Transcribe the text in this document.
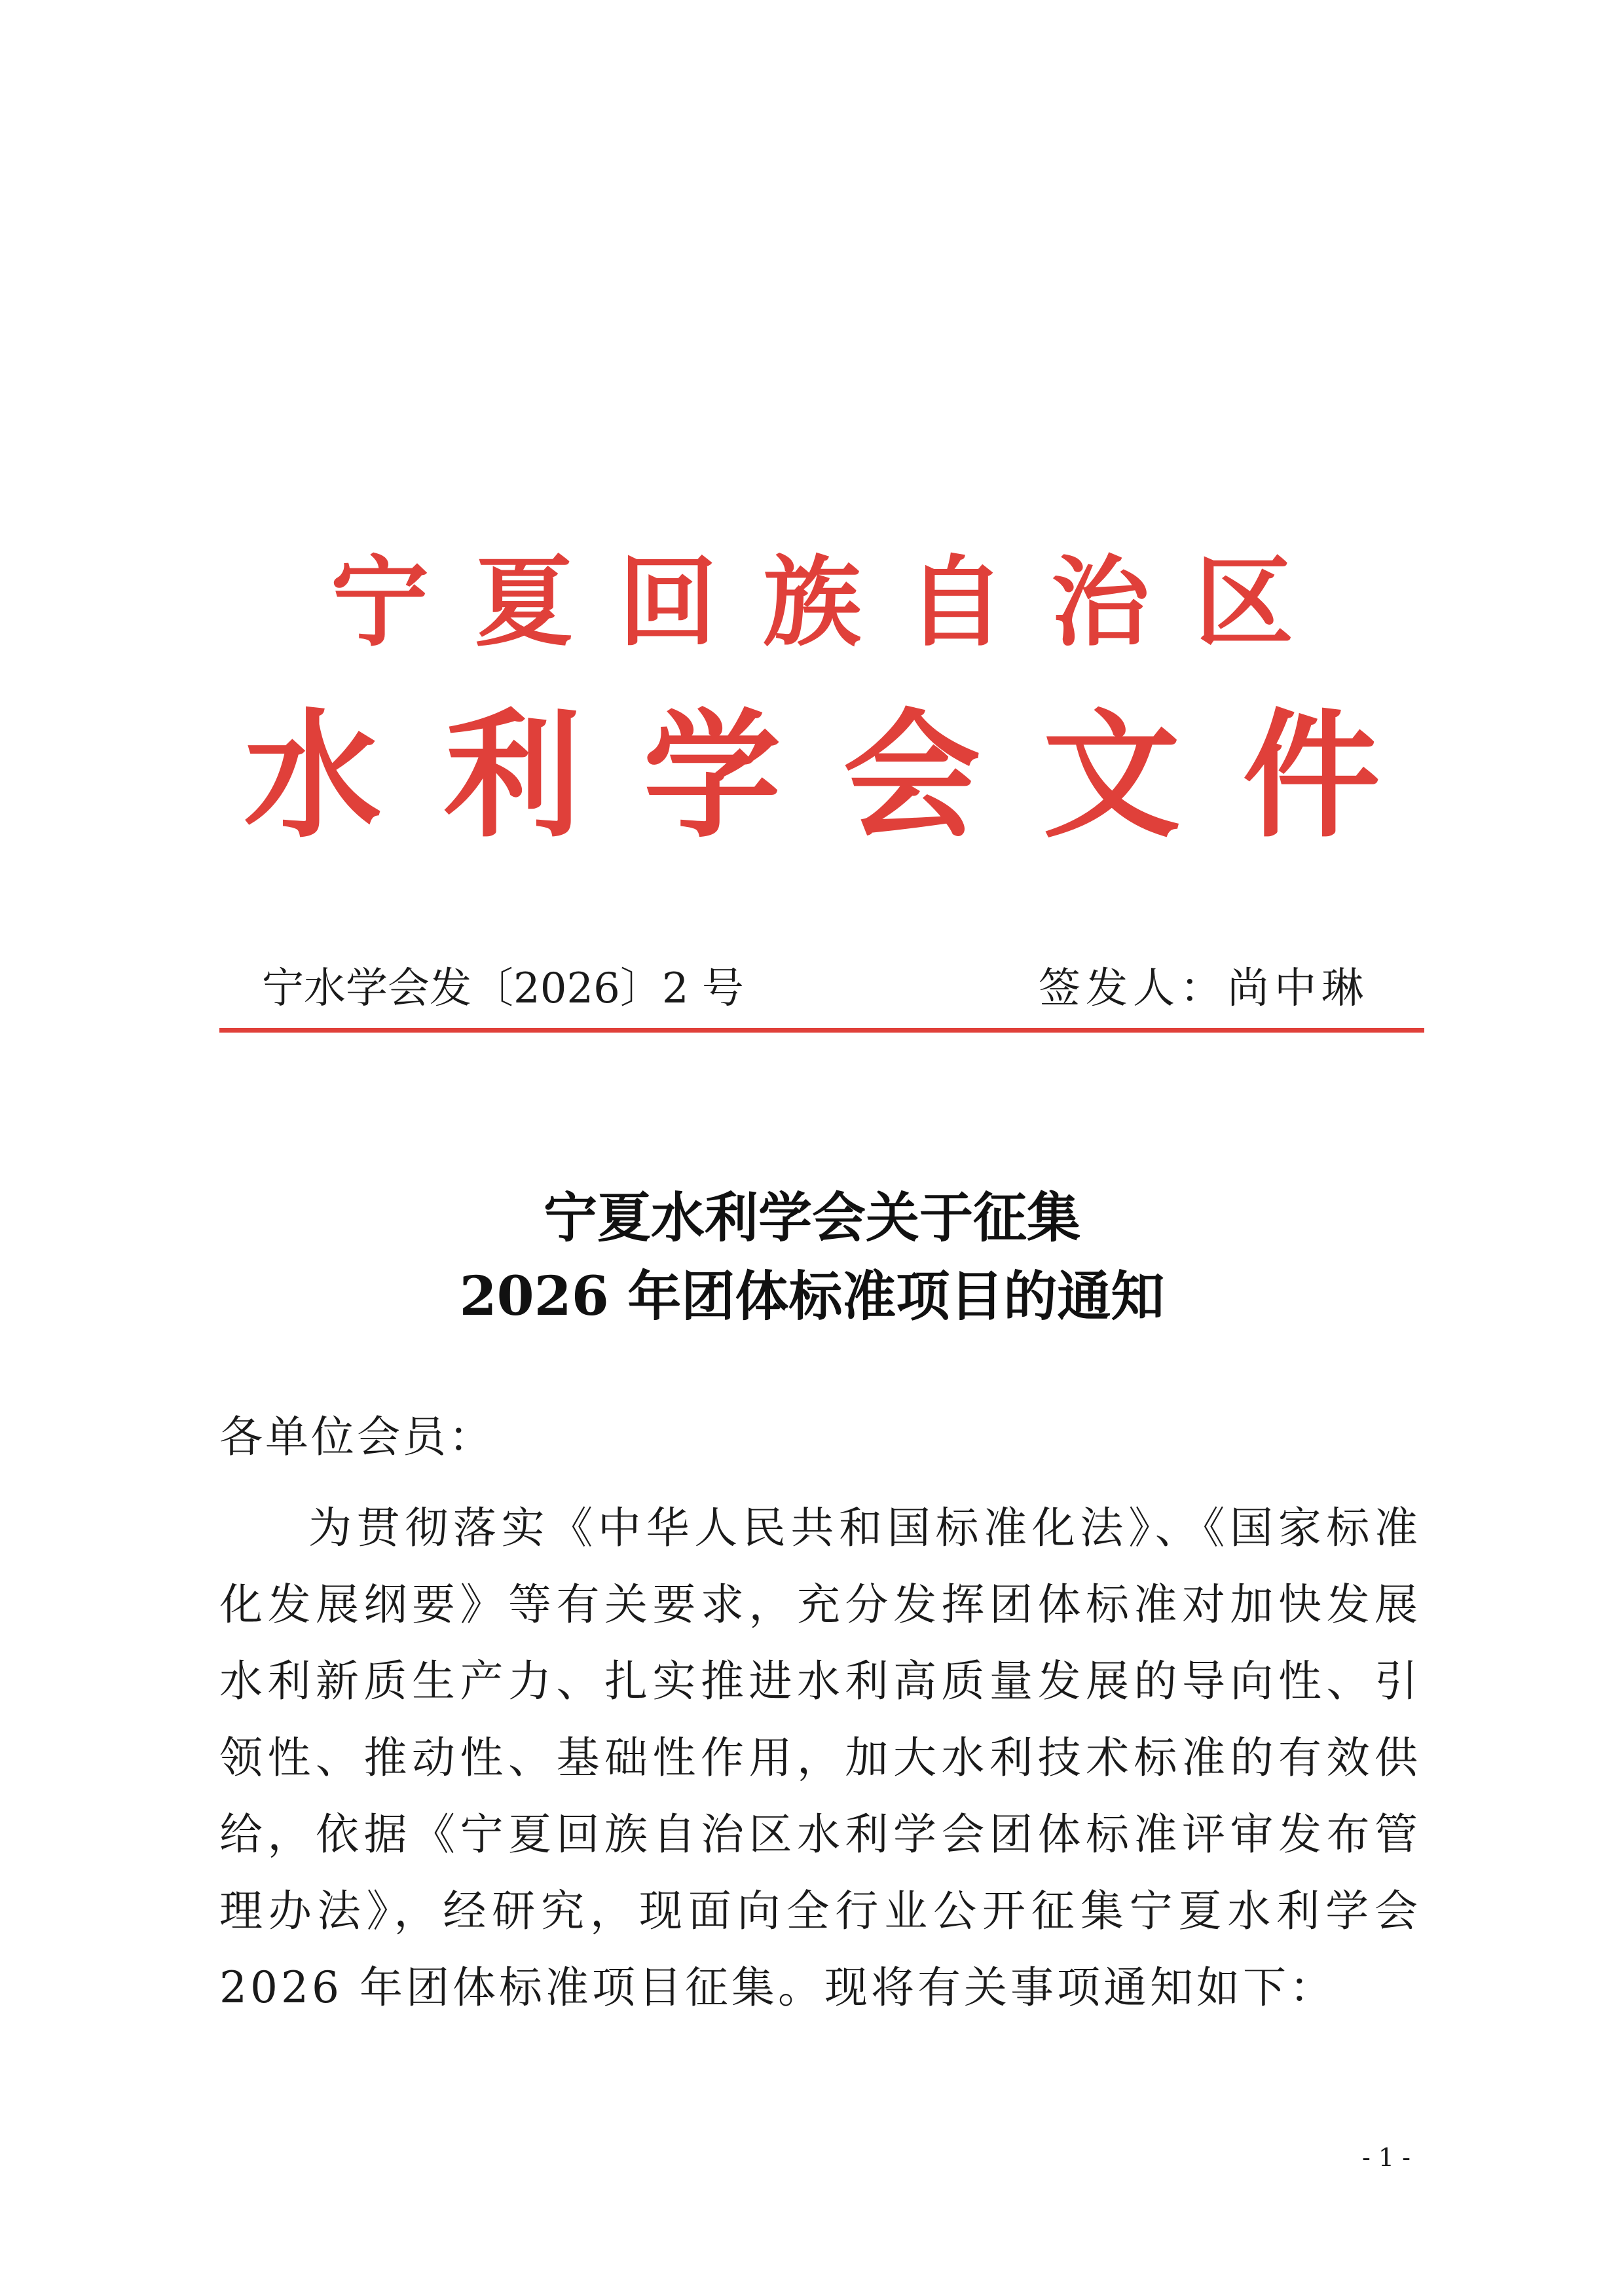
宁夏回族自治区
水利学会文件
宁水学会发〔2026〕2 号	签发人：尚中琳
宁夏水利学会关于征集
2026 年团体标准项目的通知
各单位会员：
为贯彻落实《中华人民共和国标准化法》、《国家标准化发展纲要》等有关要求，充分发挥团体标准对加快发展水利新质生产力、扎实推进水利高质量发展的导向性、引领性、推动性、基础性作用，加大水利技术标准的有效供给，依据《宁夏回族自治区水利学会团体标准评审发布管理办法》，经研究，现面向全行业公开征集宁夏水利学会 2026 年团体标准项目征集。现将有关事项通知如下：
- 1 -
